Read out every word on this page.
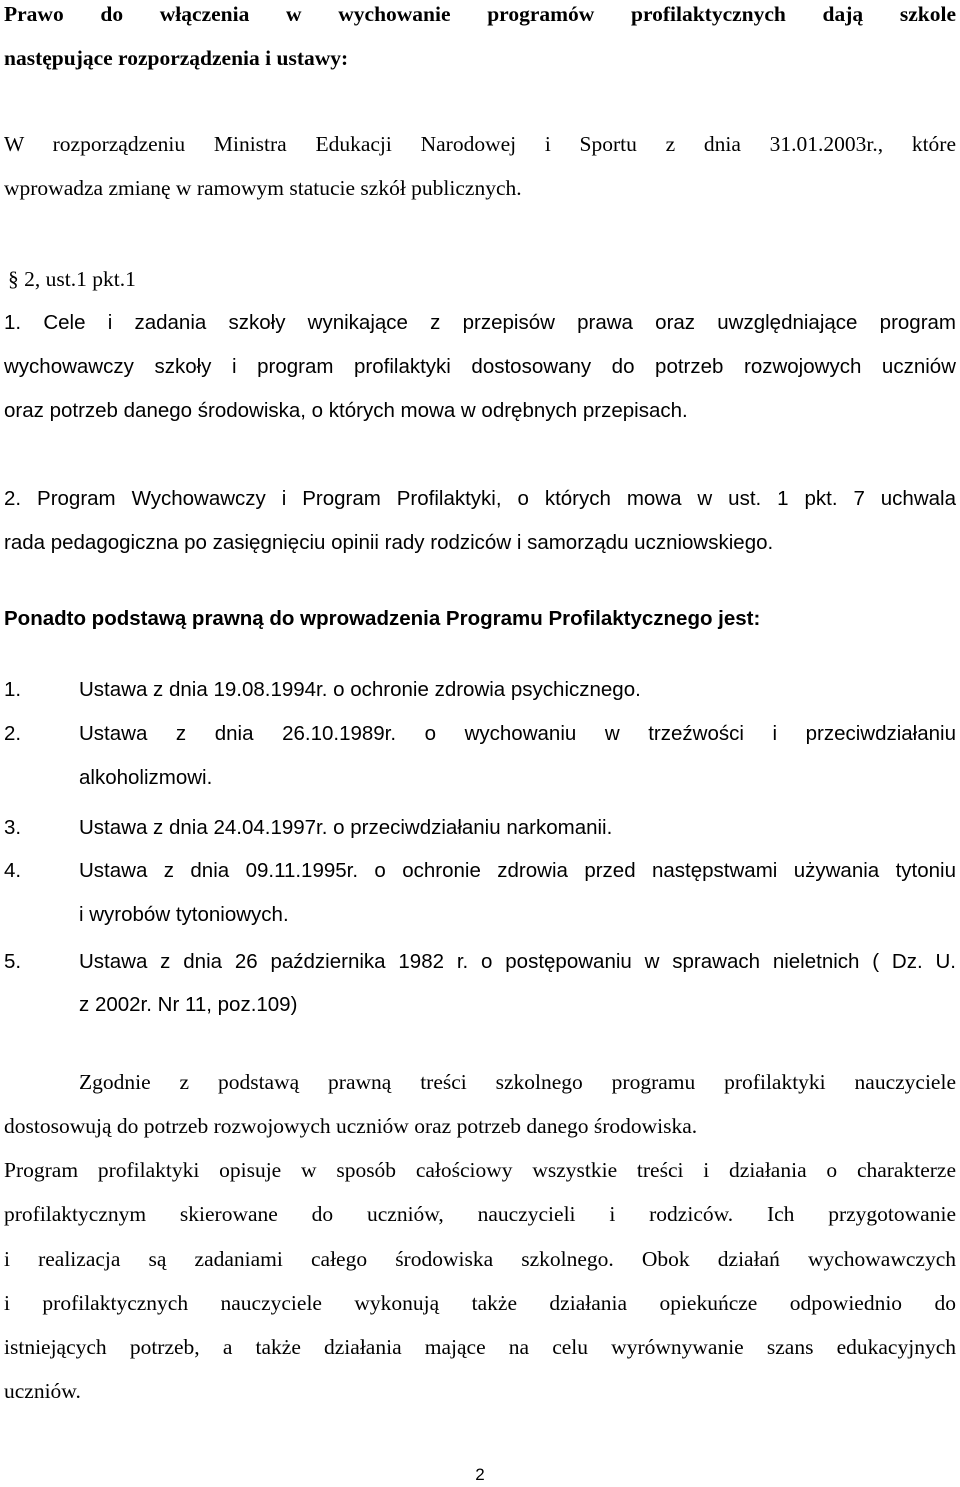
Prawo do włączenia w wychowanie programów profilaktycznych dają szkole
następujące rozporządzenia i ustawy:
W rozporządzeniu Ministra Edukacji Narodowej i Sportu z dnia 31.01.2003r., które
wprowadza zmianę w ramowym statucie szkół publicznych.
§ 2, ust.1 pkt.1
1. Cele i zadania szkoły wynikające z przepisów prawa oraz uwzględniające program
wychowawczy szkoły i program profilaktyki dostosowany do potrzeb rozwojowych uczniów
oraz potrzeb danego środowiska, o których mowa w odrębnych przepisach.
2. Program Wychowawczy i Program Profilaktyki, o których mowa w ust. 1 pkt. 7 uchwala
rada pedagogiczna po zasięgnięciu opinii rady rodziców i samorządu uczniowskiego.
Ponadto podstawą prawną do wprowadzenia Programu Profilaktycznego jest:
1.	Ustawa z dnia 19.08.1994r. o ochronie zdrowia psychicznego.
2.	Ustawa z dnia 26.10.1989r. o wychowaniu w trzeźwości i przeciwdziałaniu
alkoholizmowi.
3.	Ustawa z dnia 24.04.1997r. o przeciwdziałaniu narkomanii.
4.	Ustawa z dnia 09.11.1995r. o ochronie zdrowia przed następstwami używania tytoniu
i wyrobów tytoniowych.
5.	Ustawa z dnia 26 października 1982 r. o postępowaniu w sprawach nieletnich ( Dz. U.
z 2002r. Nr 11, poz.109)
Zgodnie z podstawą prawną treści szkolnego programu profilaktyki nauczyciele
dostosowują do potrzeb rozwojowych uczniów oraz potrzeb danego środowiska.
Program profilaktyki opisuje w sposób całościowy wszystkie treści i działania o charakterze
profilaktycznym skierowane do uczniów, nauczycieli i rodziców. Ich przygotowanie
i realizacja są zadaniami całego środowiska szkolnego. Obok działań wychowawczych
i profilaktycznych nauczyciele wykonują także działania opiekuńcze odpowiednio do
istniejących potrzeb, a także działania mające na celu wyrównywanie szans edukacyjnych
uczniów.
2
